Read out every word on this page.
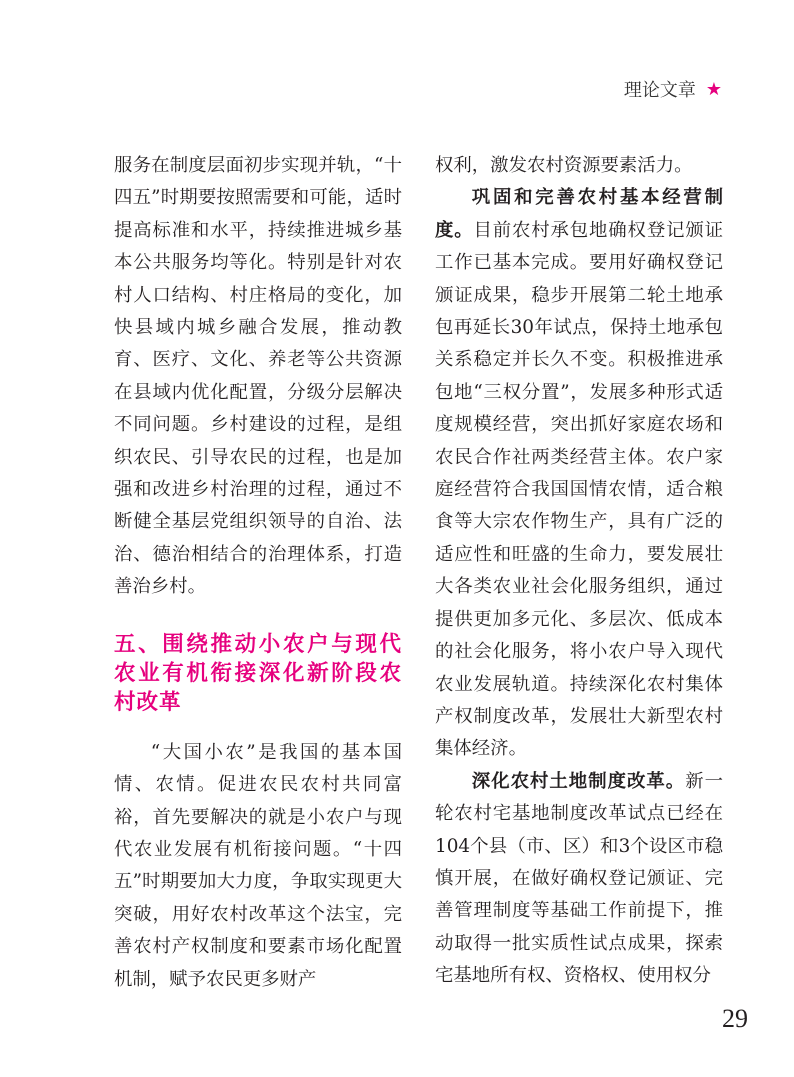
理论文章 ★

服务在制度层面初步实现并轨，“十四五”时期要按照需要和可能，适时提高标准和水平，持续推进城乡基本公共服务均等化。特别是针对农村人口结构、村庄格局的变化，加快县域内城乡融合发展，推动教育、医疗、文化、养老等公共资源在县域内优化配置，分级分层解决不同问题。乡村建设的过程，是组织农民、引导农民的过程，也是加强和改进乡村治理的过程，通过不断健全基层党组织领导的自治、法治、德治相结合的治理体系，打造善治乡村。

五、围绕推动小农户与现代农业有机衔接深化新阶段农村改革

“大国小农”是我国的基本国情、农情。促进农民农村共同富裕，首先要解决的就是小农户与现代农业发展有机衔接问题。“十四五”时期要加大力度，争取实现更大突破，用好农村改革这个法宝，完善农村产权制度和要素市场化配置机制，赋予农民更多财产

权利，激发农村资源要素活力。

巩固和完善农村基本经营制度。目前农村承包地确权登记颁证工作已基本完成。要用好确权登记颁证成果，稳步开展第二轮土地承包再延长30年试点，保持土地承包关系稳定并长久不变。积极推进承包地“三权分置”，发展多种形式适度规模经营，突出抓好家庭农场和农民合作社两类经营主体。农户家庭经营符合我国国情农情，适合粮食等大宗农作物生产，具有广泛的适应性和旺盛的生命力，要发展壮大各类农业社会化服务组织，通过提供更加多元化、多层次、低成本的社会化服务，将小农户导入现代农业发展轨道。持续深化农村集体产权制度改革，发展壮大新型农村集体经济。

深化农村土地制度改革。新一轮农村宅基地制度改革试点已经在104个县（市、区）和3个设区市稳慎开展，在做好确权登记颁证、完善管理制度等基础工作前提下，推动取得一批实质性试点成果，探索宅基地所有权、资格权、使用权分

29
